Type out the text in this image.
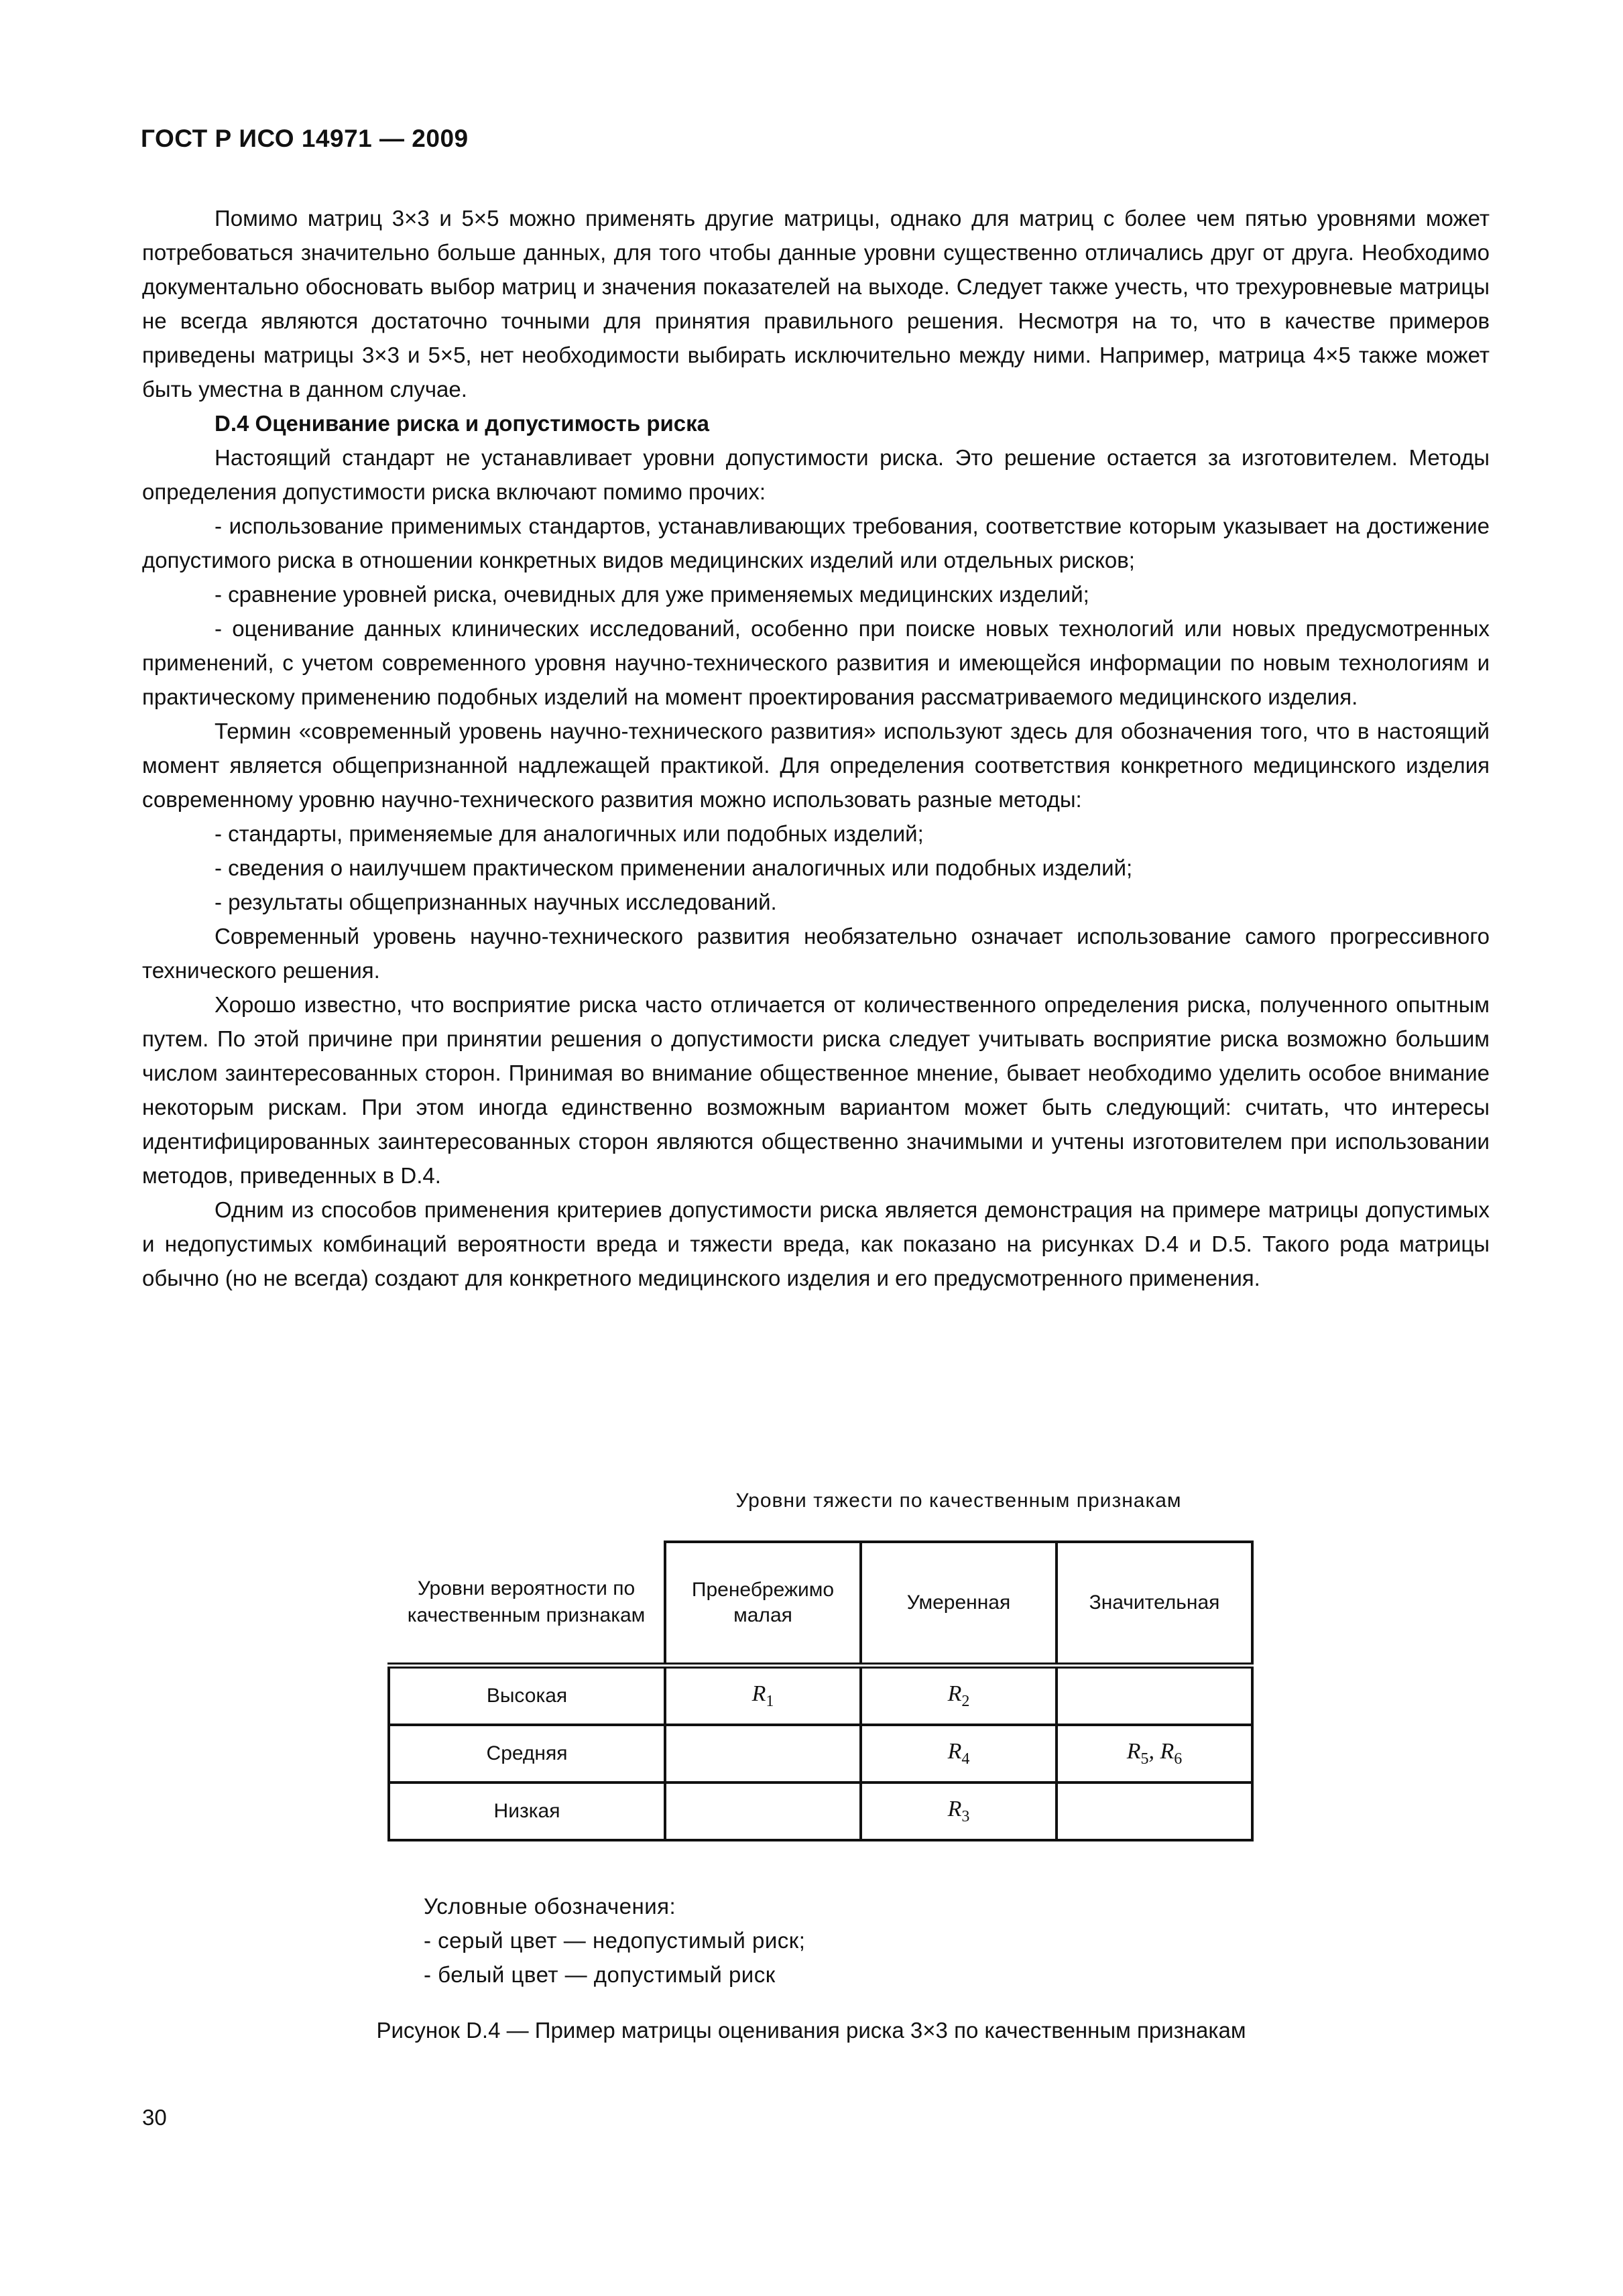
ГОСТ Р ИСО 14971 — 2009

Помимо матриц 3×3 и 5×5 можно применять другие матрицы, однако для матриц с более чем пятью уровнями может потребоваться значительно больше данных, для того чтобы данные уровни существенно отличались друг от друга. Необходимо документально обосновать выбор матриц и значения показателей на выходе. Следует также учесть, что трехуровневые матрицы не всегда являются достаточно точными для принятия правильного решения. Несмотря на то, что в качестве примеров приведены матрицы 3×3 и 5×5, нет необходимости выбирать исключительно между ними. Например, матрица 4×5 также может быть уместна в данном случае.

D.4 Оценивание риска и допустимость риска

Настоящий стандарт не устанавливает уровни допустимости риска. Это решение остается за изготовителем. Методы определения допустимости риска включают помимо прочих:

- использование применимых стандартов, устанавливающих требования, соответствие которым указывает на достижение допустимого риска в отношении конкретных видов медицинских изделий или отдельных рисков;

- сравнение уровней риска, очевидных для уже применяемых медицинских изделий;

- оценивание данных клинических исследований, особенно при поиске новых технологий или новых предусмотренных применений, с учетом современного уровня научно-технического развития и имеющейся информации по новым технологиям и практическому применению подобных изделий на момент проектирования рассматриваемого медицинского изделия.

Термин «современный уровень научно-технического развития» используют здесь для обозначения того, что в настоящий момент является общепризнанной надлежащей практикой. Для определения соответствия конкретного медицинского изделия современному уровню научно-технического развития можно использовать разные методы:

- стандарты, применяемые для аналогичных или подобных изделий;

- сведения о наилучшем практическом применении аналогичных или подобных изделий;

- результаты общепризнанных научных исследований.

Современный уровень научно-технического развития необязательно означает использование самого прогрессивного технического решения.

Хорошо известно, что восприятие риска часто отличается от количественного определения риска, полученного опытным путем. По этой причине при принятии решения о допустимости риска следует учитывать восприятие риска возможно большим числом заинтересованных сторон. Принимая во внимание общественное мнение, бывает необходимо уделить особое внимание некоторым рискам. При этом иногда единственно возможным вариантом может быть следующий: считать, что интересы идентифицированных заинтересованных сторон являются общественно значимыми и учтены изготовителем при использовании методов, приведенных в D.4.

Одним из способов применения критериев допустимости риска является демонстрация на примере матрицы допустимых и недопустимых комбинаций вероятности вреда и тяжести вреда, как показано на рисунках D.4 и D.5. Такого рода матрицы обычно (но не всегда) создают для конкретного медицинского изделия и его предусмотренного применения.

Уровни тяжести по качественным признакам
Уровни вероятности по качественным признакам	Пренебрежимо малая	Умеренная	Значительная
Высокая	$R_1$	$R_2$	
Средняя		$R_4$	$R_5$, $R_6$
Низкая		$R_3$	
Условные обозначения:
- серый цвет — недопустимый риск;
- белый цвет — допустимый риск
Рисунок D.4 — Пример матрицы оценивания риска 3×3 по качественным признакам
30
